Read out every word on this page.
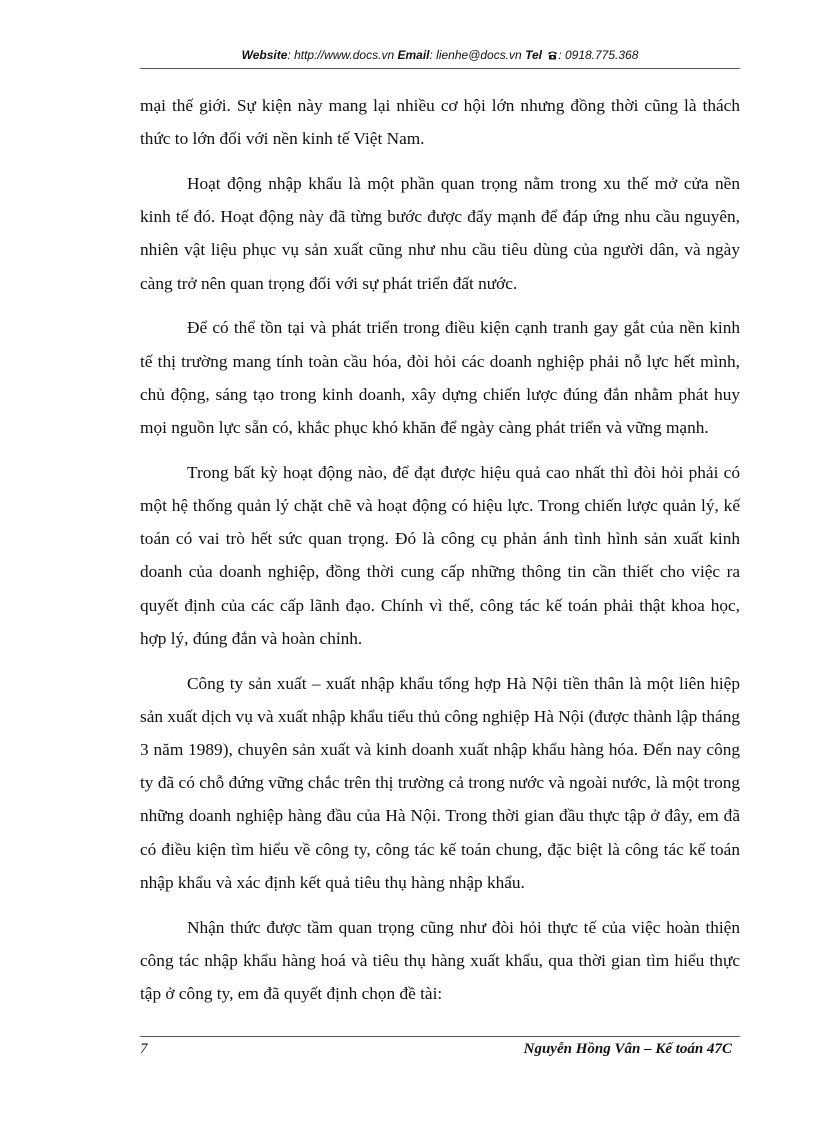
Website: http://www.docs.vn Email: lienhe@docs.vn Tel : 0918.775.368

mại thế giới. Sự kiện này mang lại nhiều cơ hội lớn nhưng đồng thời cũng là thách thức to lớn đối với nền kinh tế Việt Nam.

Hoạt động nhập khẩu là một phần quan trọng nằm trong xu thế mở cửa nền kinh tế đó. Hoạt động này đã từng bước được đẩy mạnh để đáp ứng nhu cầu nguyên, nhiên vật liệu phục vụ sản xuất cũng như nhu cầu tiêu dùng của người dân, và ngày càng trở nên quan trọng đối với sự phát triển đất nước.

Để có thể tồn tại và phát triển trong điều kiện cạnh tranh gay gắt của nền kinh tế thị trường mang tính toàn cầu hóa, đòi hỏi các doanh nghiệp phải nỗ lực hết mình, chủ động, sáng tạo trong kinh doanh, xây dựng chiến lược đúng đắn nhằm phát huy mọi nguồn lực sẵn có, khắc phục khó khăn để ngày càng phát triển và vững mạnh.

Trong bất kỳ hoạt động nào, để đạt được hiệu quả cao nhất thì đòi hỏi phải có một hệ thống quản lý chặt chẽ và hoạt động có hiệu lực. Trong chiến lược quản lý, kế toán có vai trò hết sức quan trọng. Đó là công cụ phản ánh tình hình sản xuất kinh doanh của doanh nghiệp, đồng thời cung cấp những thông tin cần thiết cho việc ra quyết định của các cấp lãnh đạo. Chính vì thế, công tác kế toán phải thật khoa học, hợp lý, đúng đắn và hoàn chỉnh.

Công ty sản xuất – xuất nhập khẩu tổng hợp Hà Nội tiền thân là một liên hiệp sản xuất dịch vụ và xuất nhập khẩu tiểu thủ công nghiệp Hà Nội (được thành lập tháng 3 năm 1989), chuyên sản xuất và kinh doanh xuất nhập khẩu hàng hóa. Đến nay công ty đã có chỗ đứng vững chắc trên thị trường cả trong nước và ngoài nước, là một trong những doanh nghiệp hàng đầu của Hà Nội. Trong thời gian đầu thực tập ở đây, em đã có điều kiện tìm hiểu về công ty, công tác kế toán chung, đặc biệt là công tác kế toán nhập khẩu và xác định kết quả tiêu thụ hàng nhập khẩu.

Nhận thức được tầm quan trọng cũng như đòi hỏi thực tế của việc hoàn thiện công tác nhập khẩu hàng hoá và tiêu thụ hàng xuất khẩu, qua thời gian tìm hiểu thực tập ở công ty, em đã quyết định chọn đề tài:

7	Nguyễn Hồng Vân – Kế toán 47C
